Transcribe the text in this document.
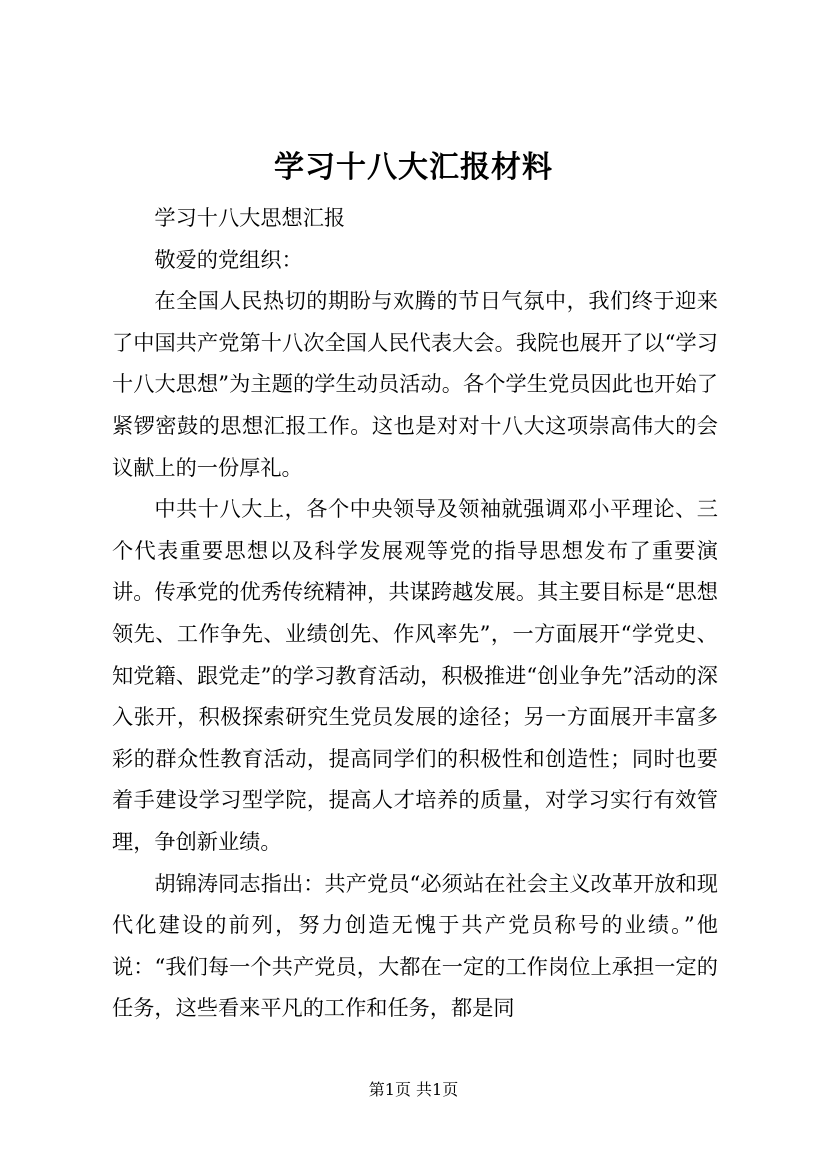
学习十八大汇报材料

学习十八大思想汇报

敬爱的党组织：

在全国人民热切的期盼与欢腾的节日气氛中，我们终于迎来了中国共产党第十八次全国人民代表大会。我院也展开了以“学习十八大思想”为主题的学生动员活动。各个学生党员因此也开始了紧锣密鼓的思想汇报工作。这也是对对十八大这项崇高伟大的会议献上的一份厚礼。

中共十八大上，各个中央领导及领袖就强调邓小平理论、三个代表重要思想以及科学发展观等党的指导思想发布了重要演讲。传承党的优秀传统精神，共谋跨越发展。其主要目标是“思想领先、工作争先、业绩创先、作风率先”，一方面展开“学党史、知党籍、跟党走”的学习教育活动，积极推进“创业争先”活动的深入张开，积极探索研究生党员发展的途径；另一方面展开丰富多彩的群众性教育活动，提高同学们的积极性和创造性；同时也要着手建设学习型学院，提高人才培养的质量，对学习实行有效管理，争创新业绩。

胡锦涛同志指出：共产党员“必须站在社会主义改革开放和现代化建设的前列，努力创造无愧于共产党员称号的业绩。”他说：“我们每一个共产党员，大都在一定的工作岗位上承担一定的任务，这些看来平凡的工作和任务，都是同

第1页 共1页
